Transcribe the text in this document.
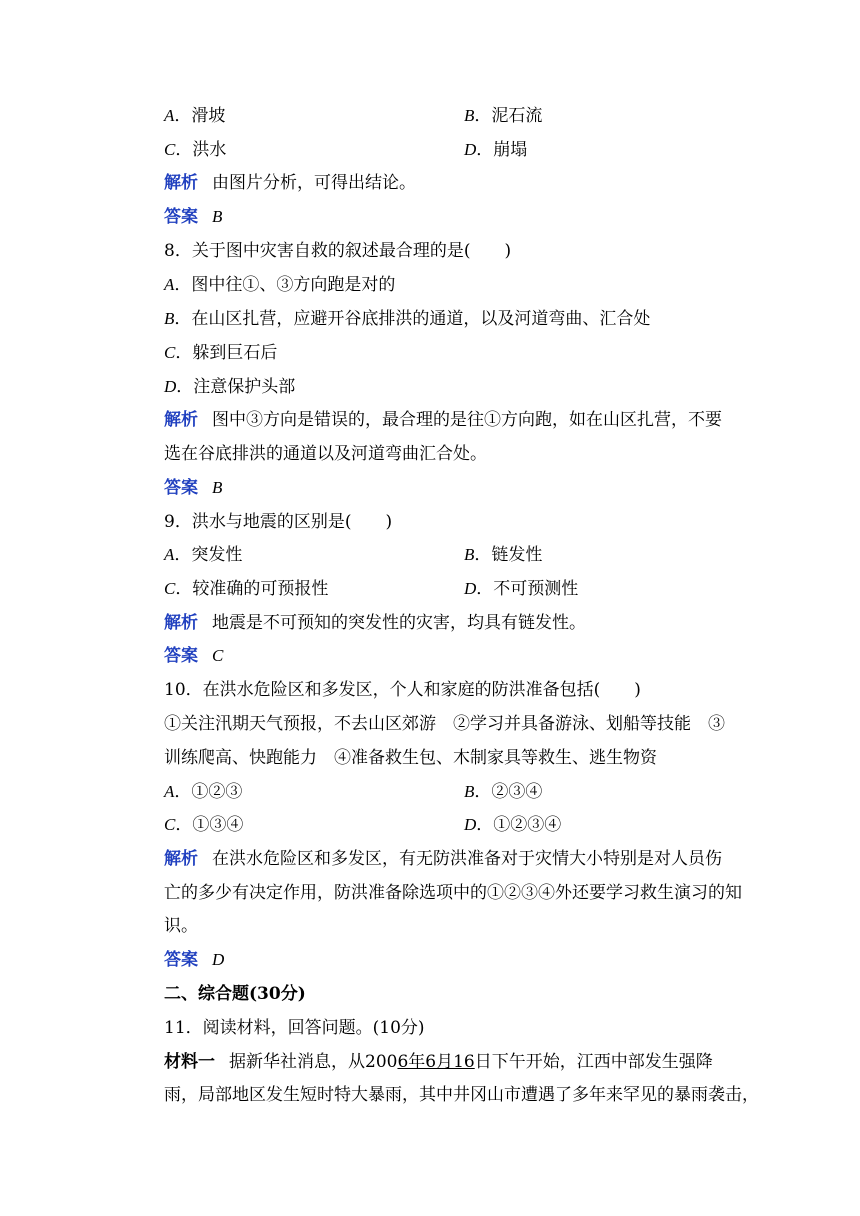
A．滑坡	B．泥石流
C．洪水	D．崩塌
解析 由图片分析，可得出结论。
答案 B
8．关于图中灾害自救的叙述最合理的是(　　)
A．图中往①、③方向跑是对的
B．在山区扎营，应避开谷底排洪的通道，以及河道弯曲、汇合处
C．躲到巨石后
D．注意保护头部
解析 图中③方向是错误的，最合理的是往①方向跑，如在山区扎营，不要
选在谷底排洪的通道以及河道弯曲汇合处。
答案 B
9．洪水与地震的区别是(　　)
A．突发性	B．链发性
C．较准确的可预报性	D．不可预测性
解析 地震是不可预知的突发性的灾害，均具有链发性。
答案 C
10．在洪水危险区和多发区，个人和家庭的防洪准备包括(　　)
①关注汛期天气预报，不去山区郊游　②学习并具备游泳、划船等技能　③
训练爬高、快跑能力　④准备救生包、木制家具等救生、逃生物资
A．①②③	B．②③④
C．①③④	D．①②③④
解析 在洪水危险区和多发区，有无防洪准备对于灾情大小特别是对人员伤
亡的多少有决定作用，防洪准备除选项中的①②③④外还要学习救生演习的知
识。
答案 D
二、综合题(30分)
11．阅读材料，回答问题。(10分)
材料一 据新华社消息，从2006年6月16日下午开始，江西中部发生强降
雨，局部地区发生短时特大暴雨，其中井冈山市遭遇了多年来罕见的暴雨袭击，
